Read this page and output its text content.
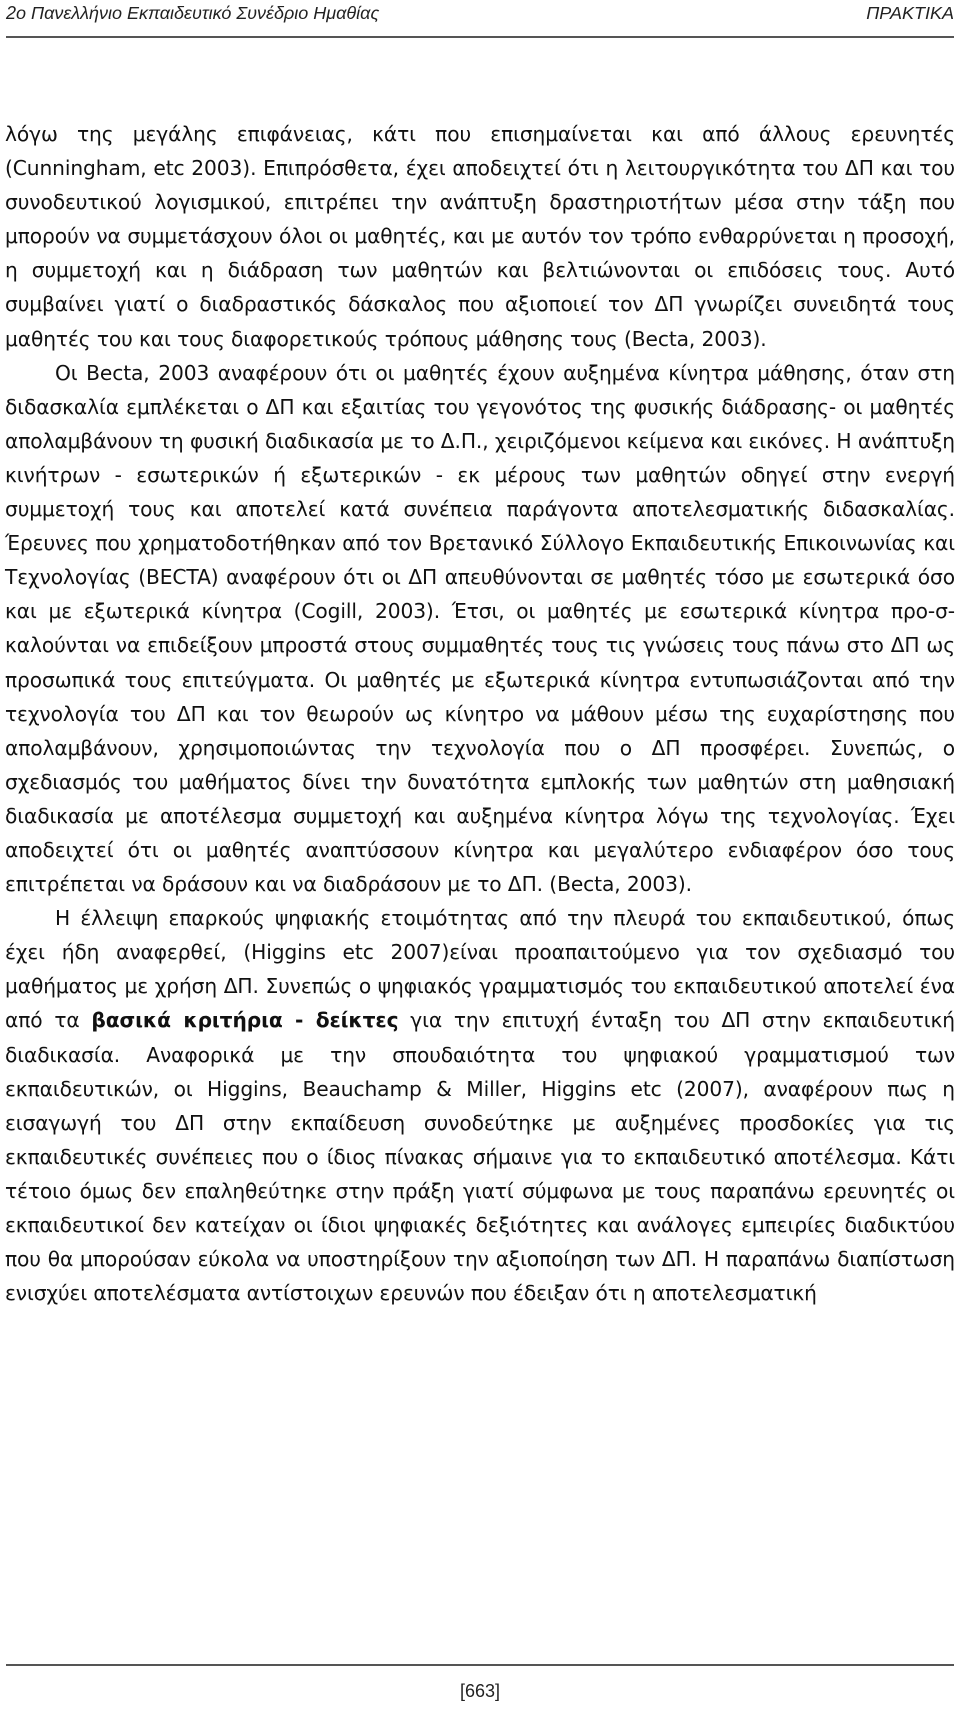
2ο Πανελλήνιο Εκπαιδευτικό Συνέδριο Ημαθίας	ΠΡΑΚΤΙΚΑ

λόγω της μεγάλης επιφάνειας, κάτι που επισημαίνεται και από άλλους ερευνητές (Cunningham, etc 2003). Επιπρόσθετα, έχει αποδειχτεί ότι η λειτουργικότητα του ΔΠ και του συνοδευτικού λογισμικού, επιτρέπει την ανάπτυξη δραστηριοτήτων μέσα στην τάξη που μπορούν να συμμετάσχουν όλοι οι μαθητές, και με αυτόν τον τρόπο ενθαρρύνεται η προσοχή, η συμμετοχή και η διάδραση των μαθητών και βελτιώνονται οι επιδόσεις τους. Αυτό συμβαίνει γιατί ο διαδραστικός δάσκαλος που αξιοποιεί τον ΔΠ γνωρίζει συνειδητά τους μαθητές του και τους διαφορετικούς τρόπους μάθησης τους (Becta, 2003).

Οι Becta, 2003 αναφέρουν ότι οι μαθητές έχουν αυξημένα κίνητρα μάθησης, όταν στη διδασκαλία εμπλέκεται ο ΔΠ και εξαιτίας του γεγονότος της φυσικής διάδρασης- οι μαθητές απολαμβάνουν τη φυσική διαδικασία με το Δ.Π., χειριζόμενοι κείμενα και εικόνες. Η ανάπτυξη κινήτρων - εσωτερικών ή εξωτερικών - εκ μέρους των μαθητών οδηγεί στην ενεργή συμμετοχή τους και αποτελεί κατά συνέπεια παράγοντα αποτελεσματικής διδασκαλίας. Έρευνες που χρηματοδοτήθηκαν από τον Βρετανικό Σύλλογο Εκπαιδευτικής Επικοινωνίας και Τεχνολογίας (BECTA) αναφέρουν ότι οι ΔΠ απευθύνονται σε μαθητές τόσο με εσωτερικά όσο και με εξωτερικά κίνητρα (Cogill, 2003). Έτσι, οι μαθητές με εσωτερικά κίνητρα προ-σ-καλούνται να επιδείξουν μπροστά στους συμμαθητές τους τις γνώσεις τους πάνω στο ΔΠ ως προσωπικά τους επιτεύγματα. Οι μαθητές με εξωτερικά κίνητρα εντυπωσιάζονται από την τεχνολογία του ΔΠ και τον θεωρούν ως κίνητρο να μάθουν μέσω της ευχαρίστησης που απολαμβάνουν, χρησιμοποιώντας την τεχνολογία που ο ΔΠ προσφέρει. Συνεπώς, ο σχεδιασμός του μαθήματος δίνει την δυνατότητα εμπλοκής των μαθητών στη μαθησιακή διαδικασία με αποτέλεσμα συμμετοχή και αυξημένα κίνητρα λόγω της τεχνολογίας. Έχει αποδειχτεί ότι οι μαθητές αναπτύσσουν κίνητρα και μεγαλύτερο ενδιαφέρον όσο τους επιτρέπεται να δράσουν και να διαδράσουν με το ΔΠ. (Becta, 2003).

Η έλλειψη επαρκούς ψηφιακής ετοιμότητας από την πλευρά του εκπαιδευτικού, όπως έχει ήδη αναφερθεί, (Higgins etc 2007)είναι προαπαιτούμενο για τον σχεδιασμό του μαθήματος με χρήση ΔΠ. Συνεπώς ο ψηφιακός γραμματισμός του εκπαιδευτικού αποτελεί ένα από τα βασικά κριτήρια - δείκτες για την επιτυχή ένταξη του ΔΠ στην εκπαιδευτική διαδικασία. Αναφορικά με την σπουδαιότητα του ψηφιακού γραμματισμού των εκπαιδευτικών, οι Higgins, Beauchamp & Miller, Higgins etc (2007), αναφέρουν πως η εισαγωγή του ΔΠ στην εκπαίδευση συνοδεύτηκε με αυξημένες προσδοκίες για τις εκπαιδευτικές συνέπειες που ο ίδιος πίνακας σήμαινε για το εκπαιδευτικό αποτέλεσμα. Κάτι τέτοιο όμως δεν επαληθεύτηκε στην πράξη γιατί σύμφωνα με τους παραπάνω ερευνητές οι εκπαιδευτικοί δεν κατείχαν οι ίδιοι ψηφιακές δεξιότητες και ανάλογες εμπειρίες διαδικτύου που θα μπορούσαν εύκολα να υποστηρίξουν την αξιοποίηση των ΔΠ. Η παραπάνω διαπίστωση ενισχύει αποτελέσματα αντίστοιχων ερευνών που έδειξαν ότι η αποτελεσματική

[663]
